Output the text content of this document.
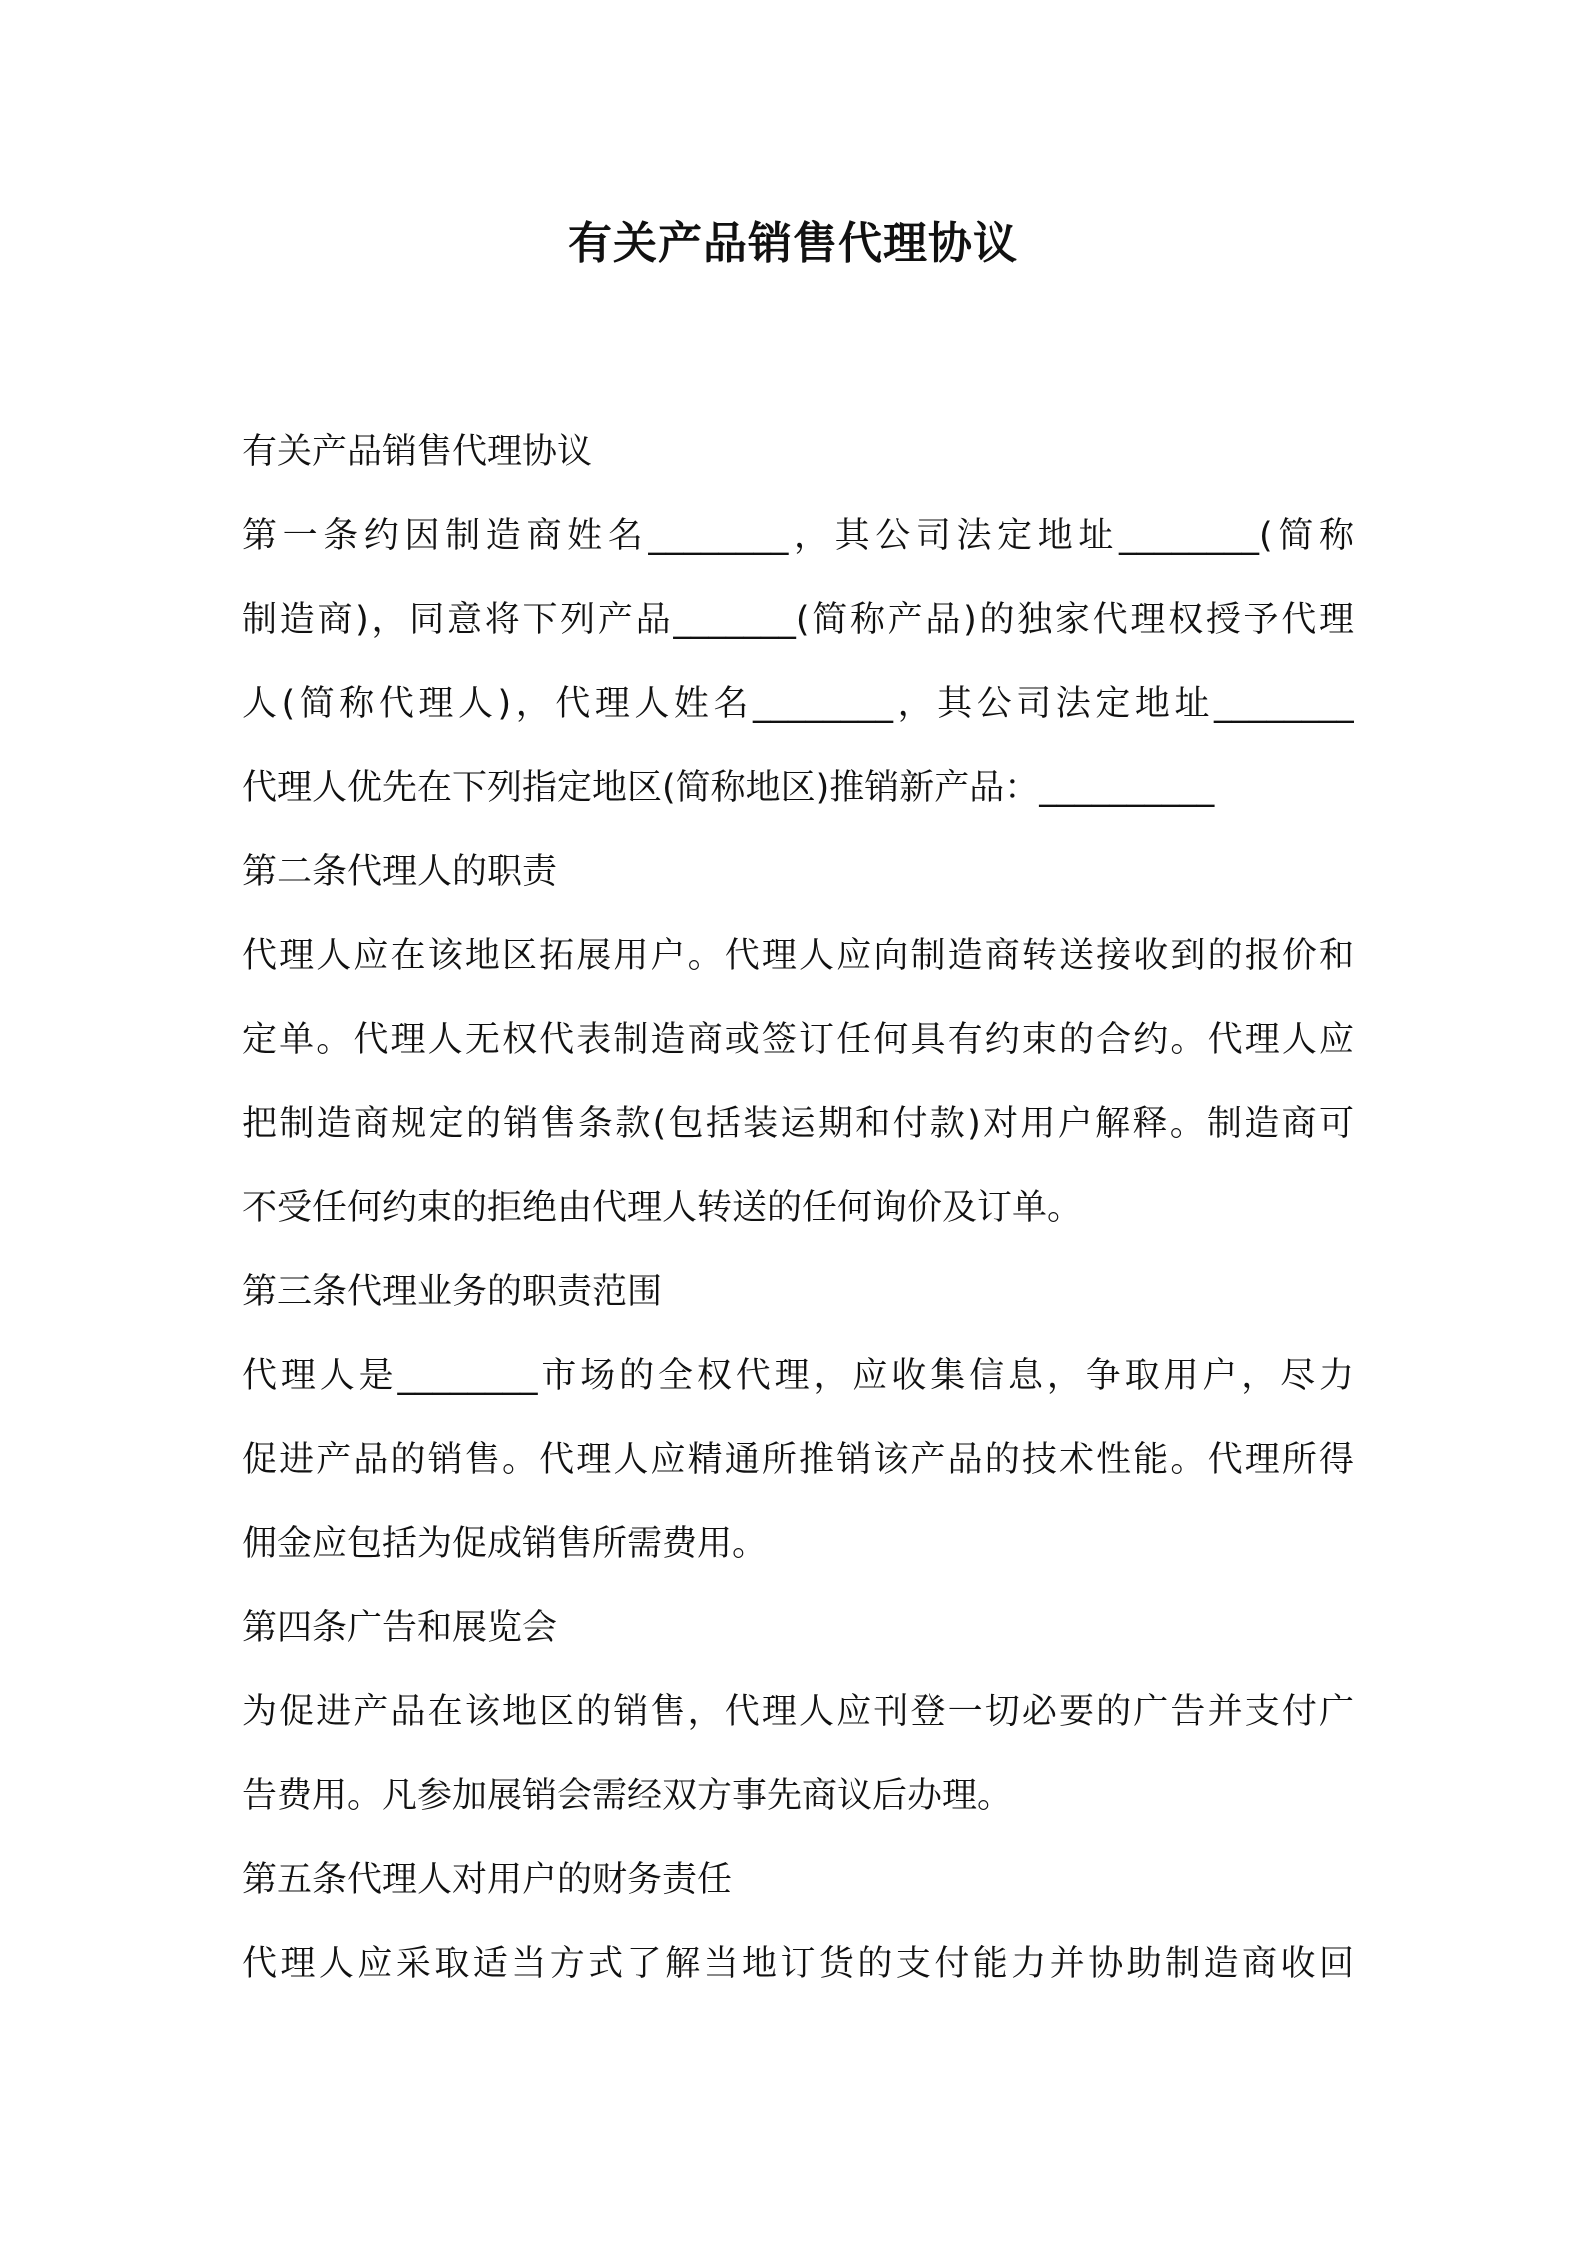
有关产品销售代理协议
有关产品销售代理协议
第一条约因制造商姓名________，其公司法定地址________(简称
制造商)，同意将下列产品_______(简称产品)的独家代理权授予代理
人(简称代理人)，代理人姓名________，其公司法定地址________
代理人优先在下列指定地区(简称地区)推销新产品：__________
第二条代理人的职责
代理人应在该地区拓展用户。代理人应向制造商转送接收到的报价和
定单。代理人无权代表制造商或签订任何具有约束的合约。代理人应
把制造商规定的销售条款(包括装运期和付款)对用户解释。制造商可
不受任何约束的拒绝由代理人转送的任何询价及订单。
第三条代理业务的职责范围
代理人是________市场的全权代理，应收集信息，争取用户，尽力
促进产品的销售。代理人应精通所推销该产品的技术性能。代理所得
佣金应包括为促成销售所需费用。
第四条广告和展览会
为促进产品在该地区的销售，代理人应刊登一切必要的广告并支付广
告费用。凡参加展销会需经双方事先商议后办理。
第五条代理人对用户的财务责任
代理人应采取适当方式了解当地订货的支付能力并协助制造商收回
